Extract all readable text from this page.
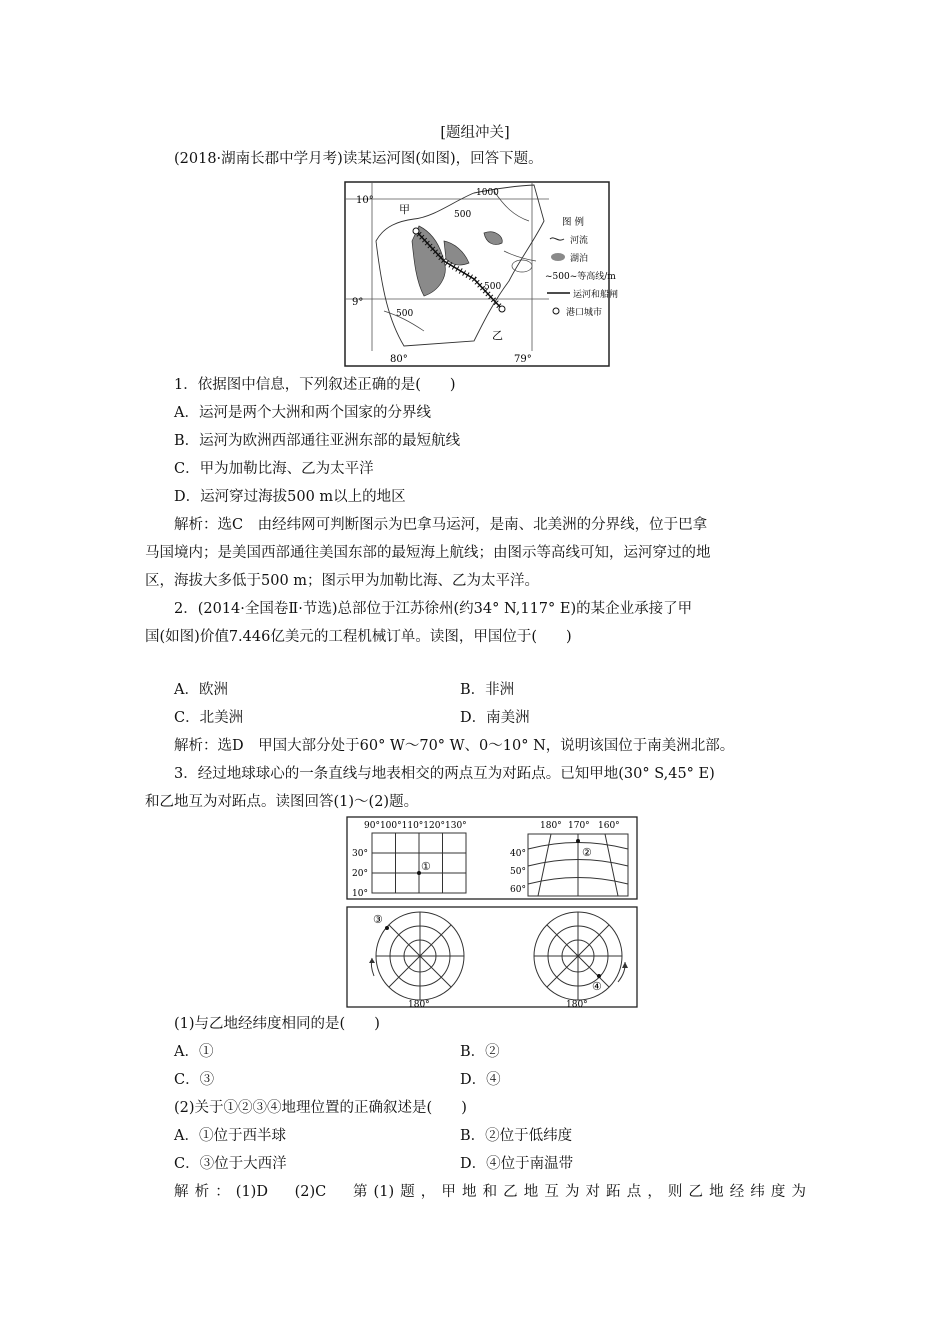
[题组冲关]
(2018·湖南长郡中学月考)读某运河图(如图)，回答下题。
10°
9°
80°	79°
甲
乙
1000
500
500
500
图 例
河流
湖泊
~500~等高线/m
运河和船闸
港口城市
1．依据图中信息，下列叙述正确的是(　　)
A．运河是两个大洲和两个国家的分界线
B．运河为欧洲西部通往亚洲东部的最短航线
C．甲为加勒比海、乙为太平洋
D．运河穿过海拔500 m以上的地区
解析：选C　由经纬网可判断图示为巴拿马运河，是南、北美洲的分界线，位于巴拿
马国境内；是美国西部通往美国东部的最短海上航线；由图示等高线可知，运河穿过的地
区，海拔大多低于500 m；图示甲为加勒比海、乙为太平洋。
2．(2014·全国卷Ⅱ·节选)总部位于江苏徐州(约34° N,117° E)的某企业承接了甲
国(如图)价值7.446亿美元的工程机械订单。读图，甲国位于(　　)
A．欧洲	B．非洲
C．北美洲	D．南美洲
解析：选D　甲国大部分处于60° W～70° W、0～10° N，说明该国位于南美洲北部。
3．经过地球球心的一条直线与地表相交的两点互为对跖点。已知甲地(30° S,45° E)
和乙地互为对跖点。读图回答(1)～(2)题。
90°100°110°120°130°
30°
20°
10°
①
180° 170° 160°
40°
50°
60°
②
③
180°
④
180°
(1)与乙地经纬度相同的是(　　)
A．①	B．②
C．③	D．④
(2)关于①②③④地理位置的正确叙述是(　　)
A．①位于西半球	B．②位于低纬度
C．③位于大西洋	D．④位于南温带
解析：(1)D　(2)C　第(1)题，甲地和乙地互为对跖点，则乙地经纬度为
